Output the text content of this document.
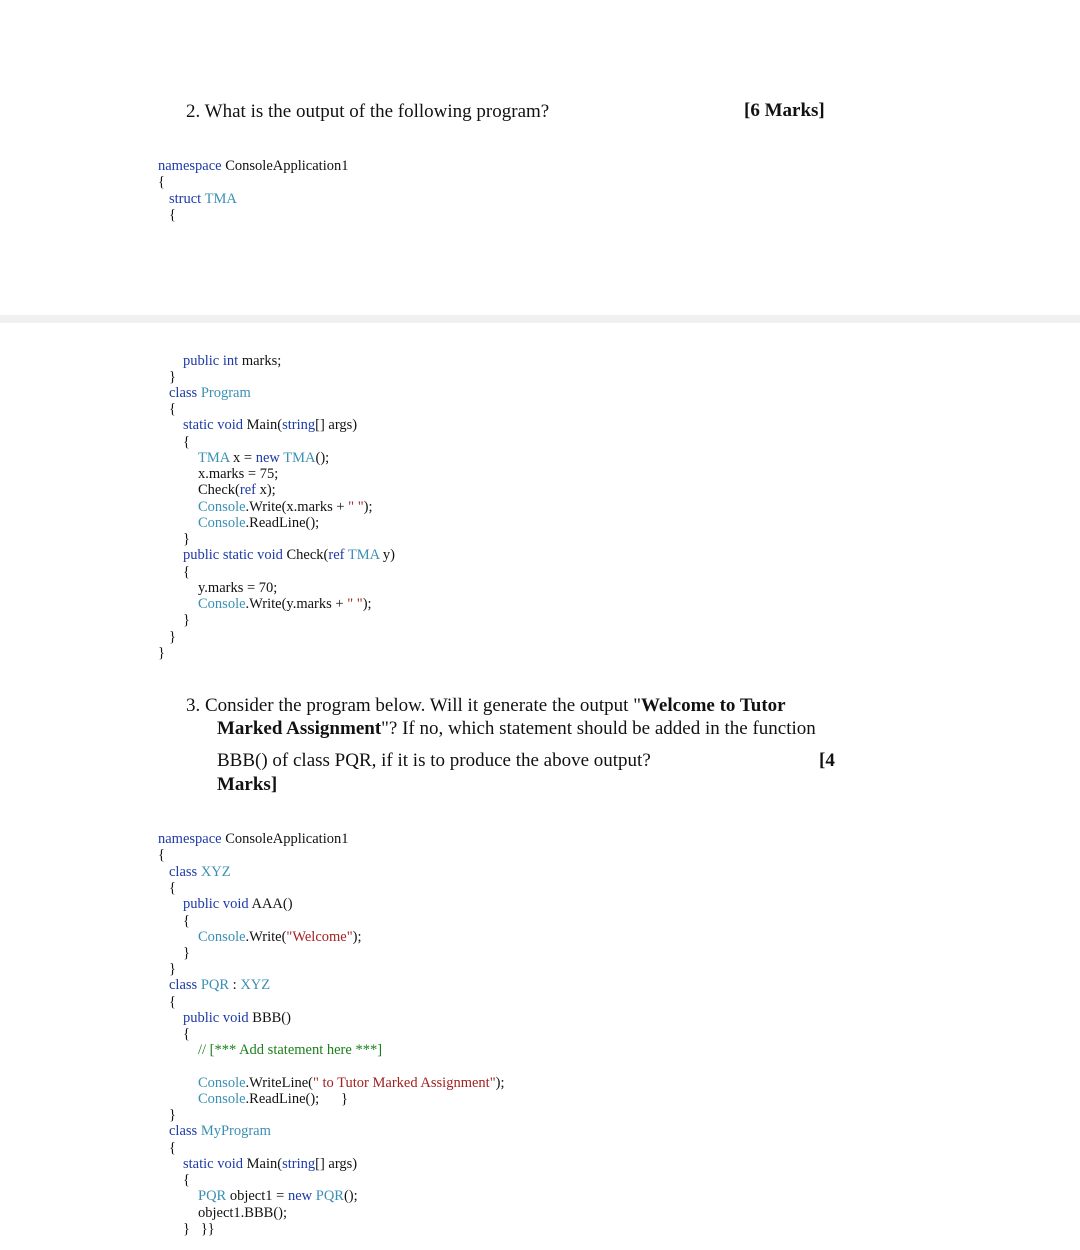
2. What is the output of the following program?	[6 Marks]
namespace ConsoleApplication1
{
struct TMA
{
public int marks;
}
class Program
{
static void Main(string[] args)
{
TMA x = new TMA();
x.marks = 75;
Check(ref x);
Console.Write(x.marks + " ");
Console.ReadLine();
}
public static void Check(ref TMA y)
{
y.marks = 70;
Console.Write(y.marks + " ");
}
}
}
3. Consider the program below. Will it generate the output "Welcome to Tutor
Marked Assignment"? If no, which statement should be added in the function
BBB() of class PQR, if it is to produce the above output?	[4
Marks]
namespace ConsoleApplication1
{
class XYZ
{
public void AAA()
{
Console.Write("Welcome");
}
}
class PQR : XYZ
{
public void BBB()
{
// [*** Add statement here ***]
Console.WriteLine(" to Tutor Marked Assignment");
Console.ReadLine();      }
}
class MyProgram
{
static void Main(string[] args)
{
PQR object1 = new PQR();
object1.BBB();
}   }}
